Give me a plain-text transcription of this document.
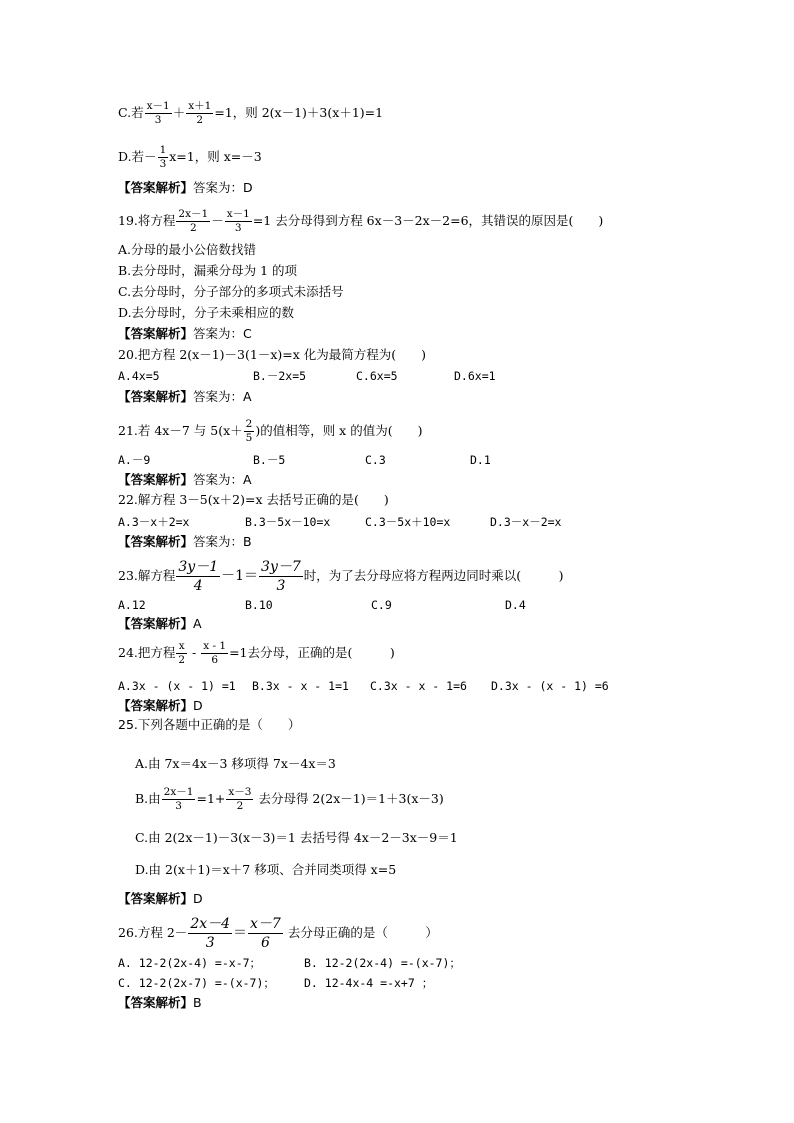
C.若 $\frac{x-1}{3} + \frac{x+1}{2} =1$，则 2(x－1)＋3(x＋1)=1
D.若－ $\frac{1}{3} x=1$，则 x=－3
【答案解析】答案为：D
19.将方程 $\frac{2x-1}{2} - \frac{x-1}{3} =1$ 去分母得到方程 6x－3－2x－2=6，其错误的原因是(　　)
A.分母的最小公倍数找错
B.去分母时，漏乘分母为 1 的项
C.去分母时，分子部分的多项式未添括号
D.去分母时，分子未乘相应的数
【答案解析】答案为：C
20.把方程 2(x－1)－3(1－x)=x 化为最简方程为(　　)
A.4x=5	B.－2x=5	C.6x=5	D.6x=1
【答案解析】答案为：A
21.若 4x－7 与 $5(x+ \frac{2}{5}$ )的值相等，则 x 的值为(　　)
A.－9	B.－5	C.3	D.1
【答案解析】答案为：A
22.解方程 3－5(x＋2)=x 去括号正确的是(　　)
A.3－x＋2=x	B.3－5x－10=x	C.3－5x＋10=x	D.3－x－2=x
【答案解析】答案为：B
23.解方程 $\frac{3y-1}{4} -1= \frac{3y-7}{3}$ 时，为了去分母应将方程两边同时乘以(　　　)
A.12	B.10	C.9	D.4
【答案解析】A
24.把方程 $\frac{x}{2} - \frac{x - 1}{6} =1$去分母，正确的是(　　　)
A.3x - (x - 1) =1 B.3x - x - 1=1 C.3x - x - 1=6 D.3x - (x - 1) =6
【答案解析】D
25.下列各题中正确的是（　　）
A.由 7x＝4x－3 移项得 7x－4x＝3
B.由 $\frac{2x-1}{3} =1+ \frac{x-3}{2}$ 去分母得 2(2x－1)＝1＋3(x－3)
C.由 2(2x－1)－3(x－3)＝1 去括号得 4x－2－3x－9＝1
D.由 2(x＋1)＝x＋7 移项、合并同类项得 x=5
【答案解析】D
26.方程 $2- \frac{2x-4}{3} = \frac{x-7}{6}$ 去分母正确的是（　　　）
A. 12-2(2x-4) =-x-7；	B. 12-2(2x-4) =-(x-7)；
C. 12-2(2x-7) =-(x-7)；	D. 12-4x-4 =-x+7 ；
【答案解析】B
